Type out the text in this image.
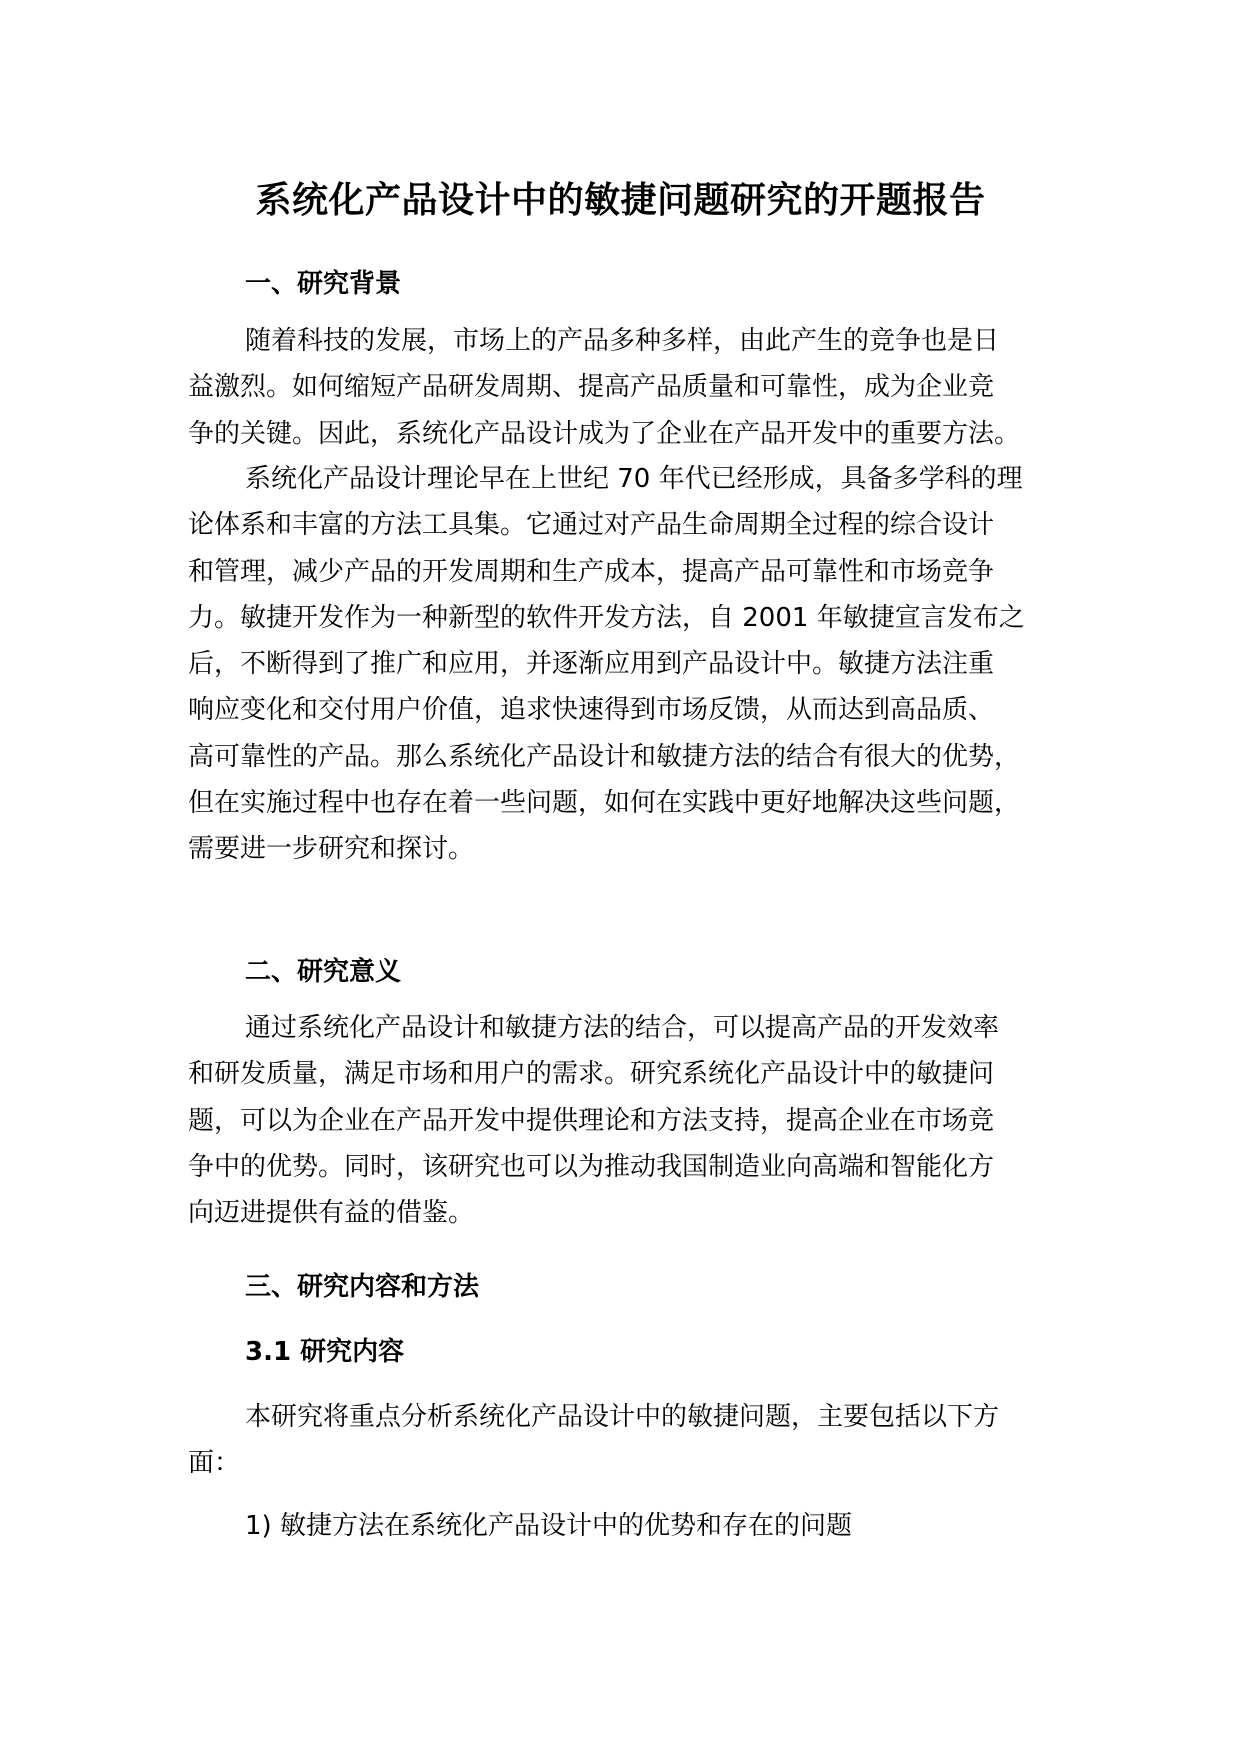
系统化产品设计中的敏捷问题研究的开题报告
一、研究背景

随着科技的发展，市场上的产品多种多样，由此产生的竞争也是日
益激烈。如何缩短产品研发周期、提高产品质量和可靠性，成为企业竞
争的关键。因此，系统化产品设计成为了企业在产品开发中的重要方法。

系统化产品设计理论早在上世纪 70 年代已经形成，具备多学科的理
论体系和丰富的方法工具集。它通过对产品生命周期全过程的综合设计
和管理，减少产品的开发周期和生产成本，提高产品可靠性和市场竞争
力。敏捷开发作为一种新型的软件开发方法，自 2001 年敏捷宣言发布之
后，不断得到了推广和应用，并逐渐应用到产品设计中。敏捷方法注重
响应变化和交付用户价值，追求快速得到市场反馈，从而达到高品质、
高可靠性的产品。那么系统化产品设计和敏捷方法的结合有很大的优势，
但在实施过程中也存在着一些问题，如何在实践中更好地解决这些问题，
需要进一步研究和探讨。

二、研究意义

通过系统化产品设计和敏捷方法的结合，可以提高产品的开发效率
和研发质量，满足市场和用户的需求。研究系统化产品设计中的敏捷问
题，可以为企业在产品开发中提供理论和方法支持，提高企业在市场竞
争中的优势。同时，该研究也可以为推动我国制造业向高端和智能化方
向迈进提供有益的借鉴。

三、研究内容和方法
3.1 研究内容

本研究将重点分析系统化产品设计中的敏捷问题，主要包括以下方
面：

1) 敏捷方法在系统化产品设计中的优势和存在的问题
